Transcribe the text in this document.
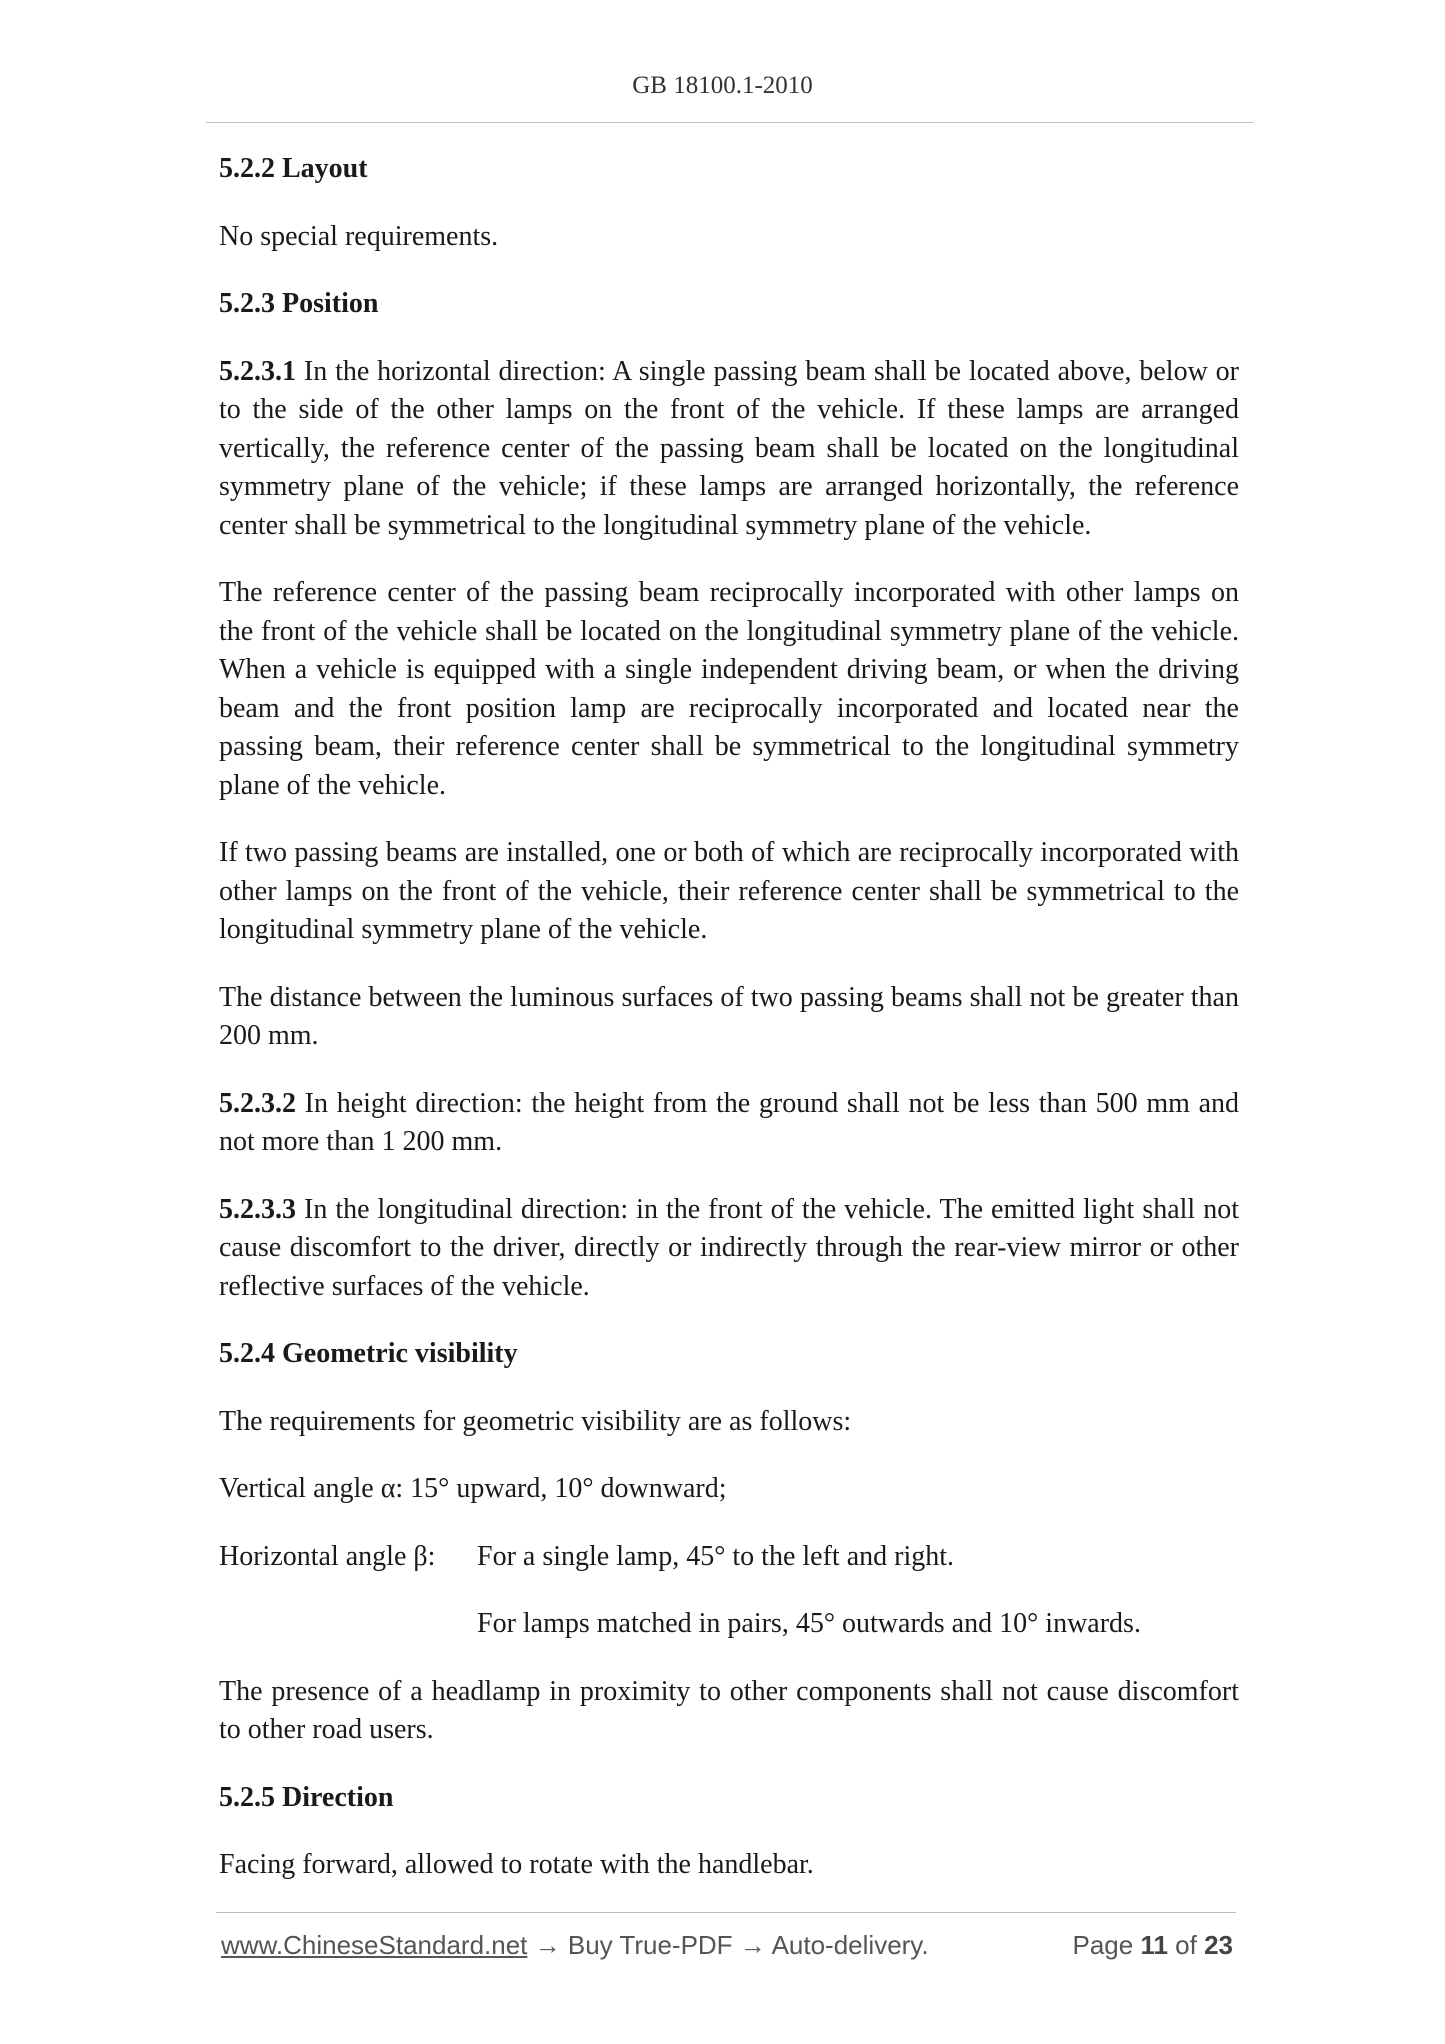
GB 18100.1-2010

5.2.2 Layout

No special requirements.

5.2.3 Position

5.2.3.1 In the horizontal direction: A single passing beam shall be located above, below or to the side of the other lamps on the front of the vehicle. If these lamps are arranged vertically, the reference center of the passing beam shall be located on the longitudinal symmetry plane of the vehicle; if these lamps are arranged horizontally, the reference center shall be symmetrical to the longitudinal symmetry plane of the vehicle.

The reference center of the passing beam reciprocally incorporated with other lamps on the front of the vehicle shall be located on the longitudinal symmetry plane of the vehicle. When a vehicle is equipped with a single independent driving beam, or when the driving beam and the front position lamp are reciprocally incorporated and located near the passing beam, their reference center shall be symmetrical to the longitudinal symmetry plane of the vehicle.

If two passing beams are installed, one or both of which are reciprocally incorporated with other lamps on the front of the vehicle, their reference center shall be symmetrical to the longitudinal symmetry plane of the vehicle.

The distance between the luminous surfaces of two passing beams shall not be greater than 200 mm.

5.2.3.2 In height direction: the height from the ground shall not be less than 500 mm and not more than 1 200 mm.

5.2.3.3 In the longitudinal direction: in the front of the vehicle. The emitted light shall not cause discomfort to the driver, directly or indirectly through the rear-view mirror or other reflective surfaces of the vehicle.

5.2.4 Geometric visibility

The requirements for geometric visibility are as follows:

Vertical angle α: 15° upward, 10° downward;

Horizontal angle β:	For a single lamp, 45° to the left and right.

For lamps matched in pairs, 45° outwards and 10° inwards.

The presence of a headlamp in proximity to other components shall not cause discomfort to other road users.

5.2.5 Direction

Facing forward, allowed to rotate with the handlebar.

www.ChineseStandard.net → Buy True-PDF → Auto-delivery.	Page 11 of 23
